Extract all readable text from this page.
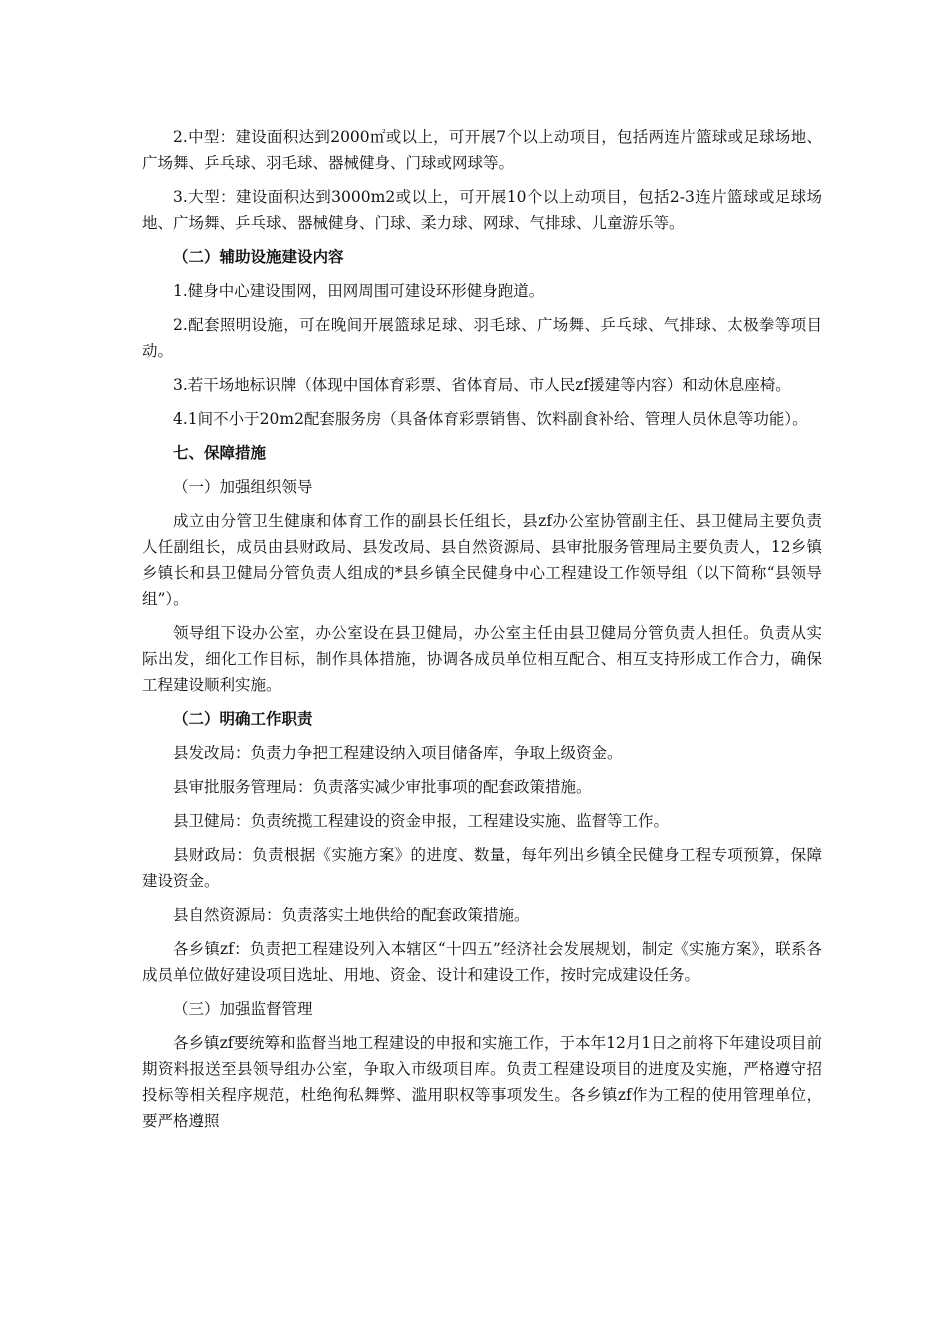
2.中型：建设面积达到2000㎡或以上，可开展7个以上动项目，包括两连片篮球或足球场地、广场舞、乒乓球、羽毛球、器械健身、门球或网球等。

3.大型：建设面积达到3000m2或以上，可开展10个以上动项目，包括2-3连片篮球或足球场地、广场舞、乒乓球、器械健身、门球、柔力球、网球、气排球、儿童游乐等。

（二）辅助设施建设内容

1.健身中心建设围网，田网周围可建设环形健身跑道。

2.配套照明设施，可在晚间开展篮球足球、羽毛球、广场舞、乒乓球、气排球、太极拳等项目动。

3.若干场地标识牌（体现中国体育彩票、省体育局、市人民zf援建等内容）和动休息座椅。

4.1间不小于20m2配套服务房（具备体育彩票销售、饮料副食补给、管理人员休息等功能）。

七、保障措施

（一）加强组织领导

成立由分管卫生健康和体育工作的副县长任组长，县zf办公室协管副主任、县卫健局主要负责人任副组长，成员由县财政局、县发改局、县自然资源局、县审批服务管理局主要负责人，12乡镇乡镇长和县卫健局分管负责人组成的*县乡镇全民健身中心工程建设工作领导组（以下简称“县领导组”）。

领导组下设办公室，办公室设在县卫健局，办公室主任由县卫健局分管负责人担任。负责从实际出发，细化工作目标，制作具体措施，协调各成员单位相互配合、相互支持形成工作合力，确保工程建设顺利实施。

（二）明确工作职责

县发改局：负责力争把工程建设纳入项目储备库，争取上级资金。

县审批服务管理局：负责落实减少审批事项的配套政策措施。

县卫健局：负责统揽工程建设的资金申报，工程建设实施、监督等工作。

县财政局：负责根据《实施方案》的进度、数量，每年列出乡镇全民健身工程专项预算，保障建设资金。

县自然资源局：负责落实土地供给的配套政策措施。

各乡镇zf：负责把工程建设列入本辖区“十四五”经济社会发展规划，制定《实施方案》，联系各成员单位做好建设项目选址、用地、资金、设计和建设工作，按时完成建设任务。

（三）加强监督管理

各乡镇zf要统筹和监督当地工程建设的申报和实施工作，于本年12月1日之前将下年建设项目前期资料报送至县领导组办公室，争取入市级项目库。负责工程建设项目的进度及实施，严格遵守招投标等相关程序规范，杜绝徇私舞弊、滥用职权等事项发生。各乡镇zf作为工程的使用管理单位，要严格遵照
